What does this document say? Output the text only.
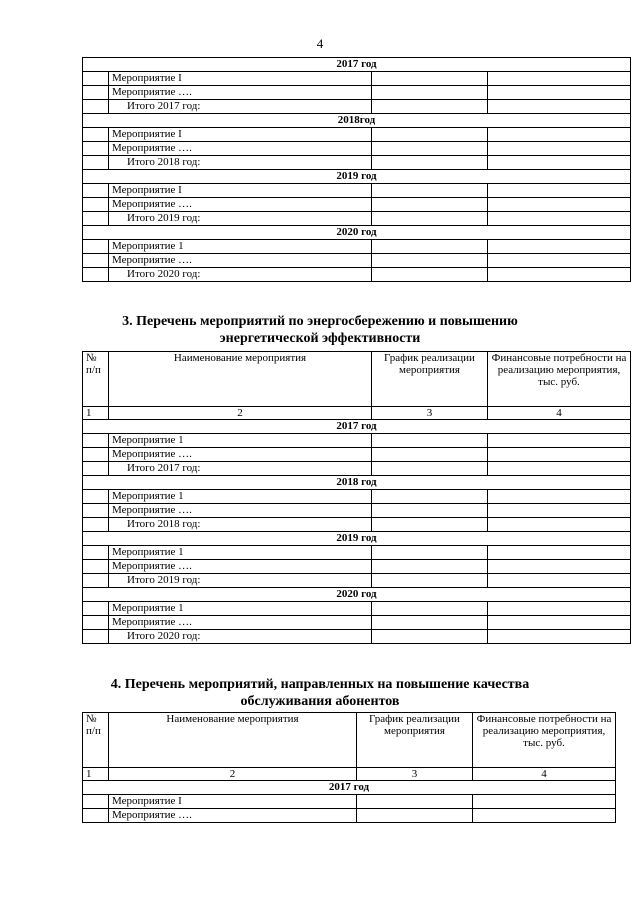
4
2017 год			
	Мероприятие I		
	Мероприятие ….		
	Итого 2017 год:		
2018год			
	Мероприятие I		
	Мероприятие ….		
	Итого 2018 год:		
2019 год			
	Мероприятие I		
	Мероприятие ….		
	Итого 2019 год:		
2020 год			
	Мероприятие 1		
	Мероприятие ….		
	Итого 2020 год:		
3. Перечень мероприятий по энергосбережению и повышению
энергетической эффективности
№ п/п	Наименование мероприятия	График реализации мероприятия	Финансовые потребности на реализацию мероприятия, тыс. руб.
1	2	3	4
2017 год			
	Мероприятие 1		
	Мероприятие ….		
	Итого 2017 год:		
2018 год			
	Мероприятие 1		
	Мероприятие ….		
	Итого 2018 год:		
2019 год			
	Мероприятие 1		
	Мероприятие ….		
	Итого 2019 год:		
2020 год			
	Мероприятие 1		
	Мероприятие ….		
	Итого 2020 год:		
4. Перечень мероприятий, направленных на повышение качества
обслуживания абонентов
№ п/п	Наименование мероприятия	График реализации мероприятия	Финансовые потребности на реализацию мероприятия, тыс. руб.
1	2	3	4
2017 год			
	Мероприятие I		
	Мероприятие ….		
